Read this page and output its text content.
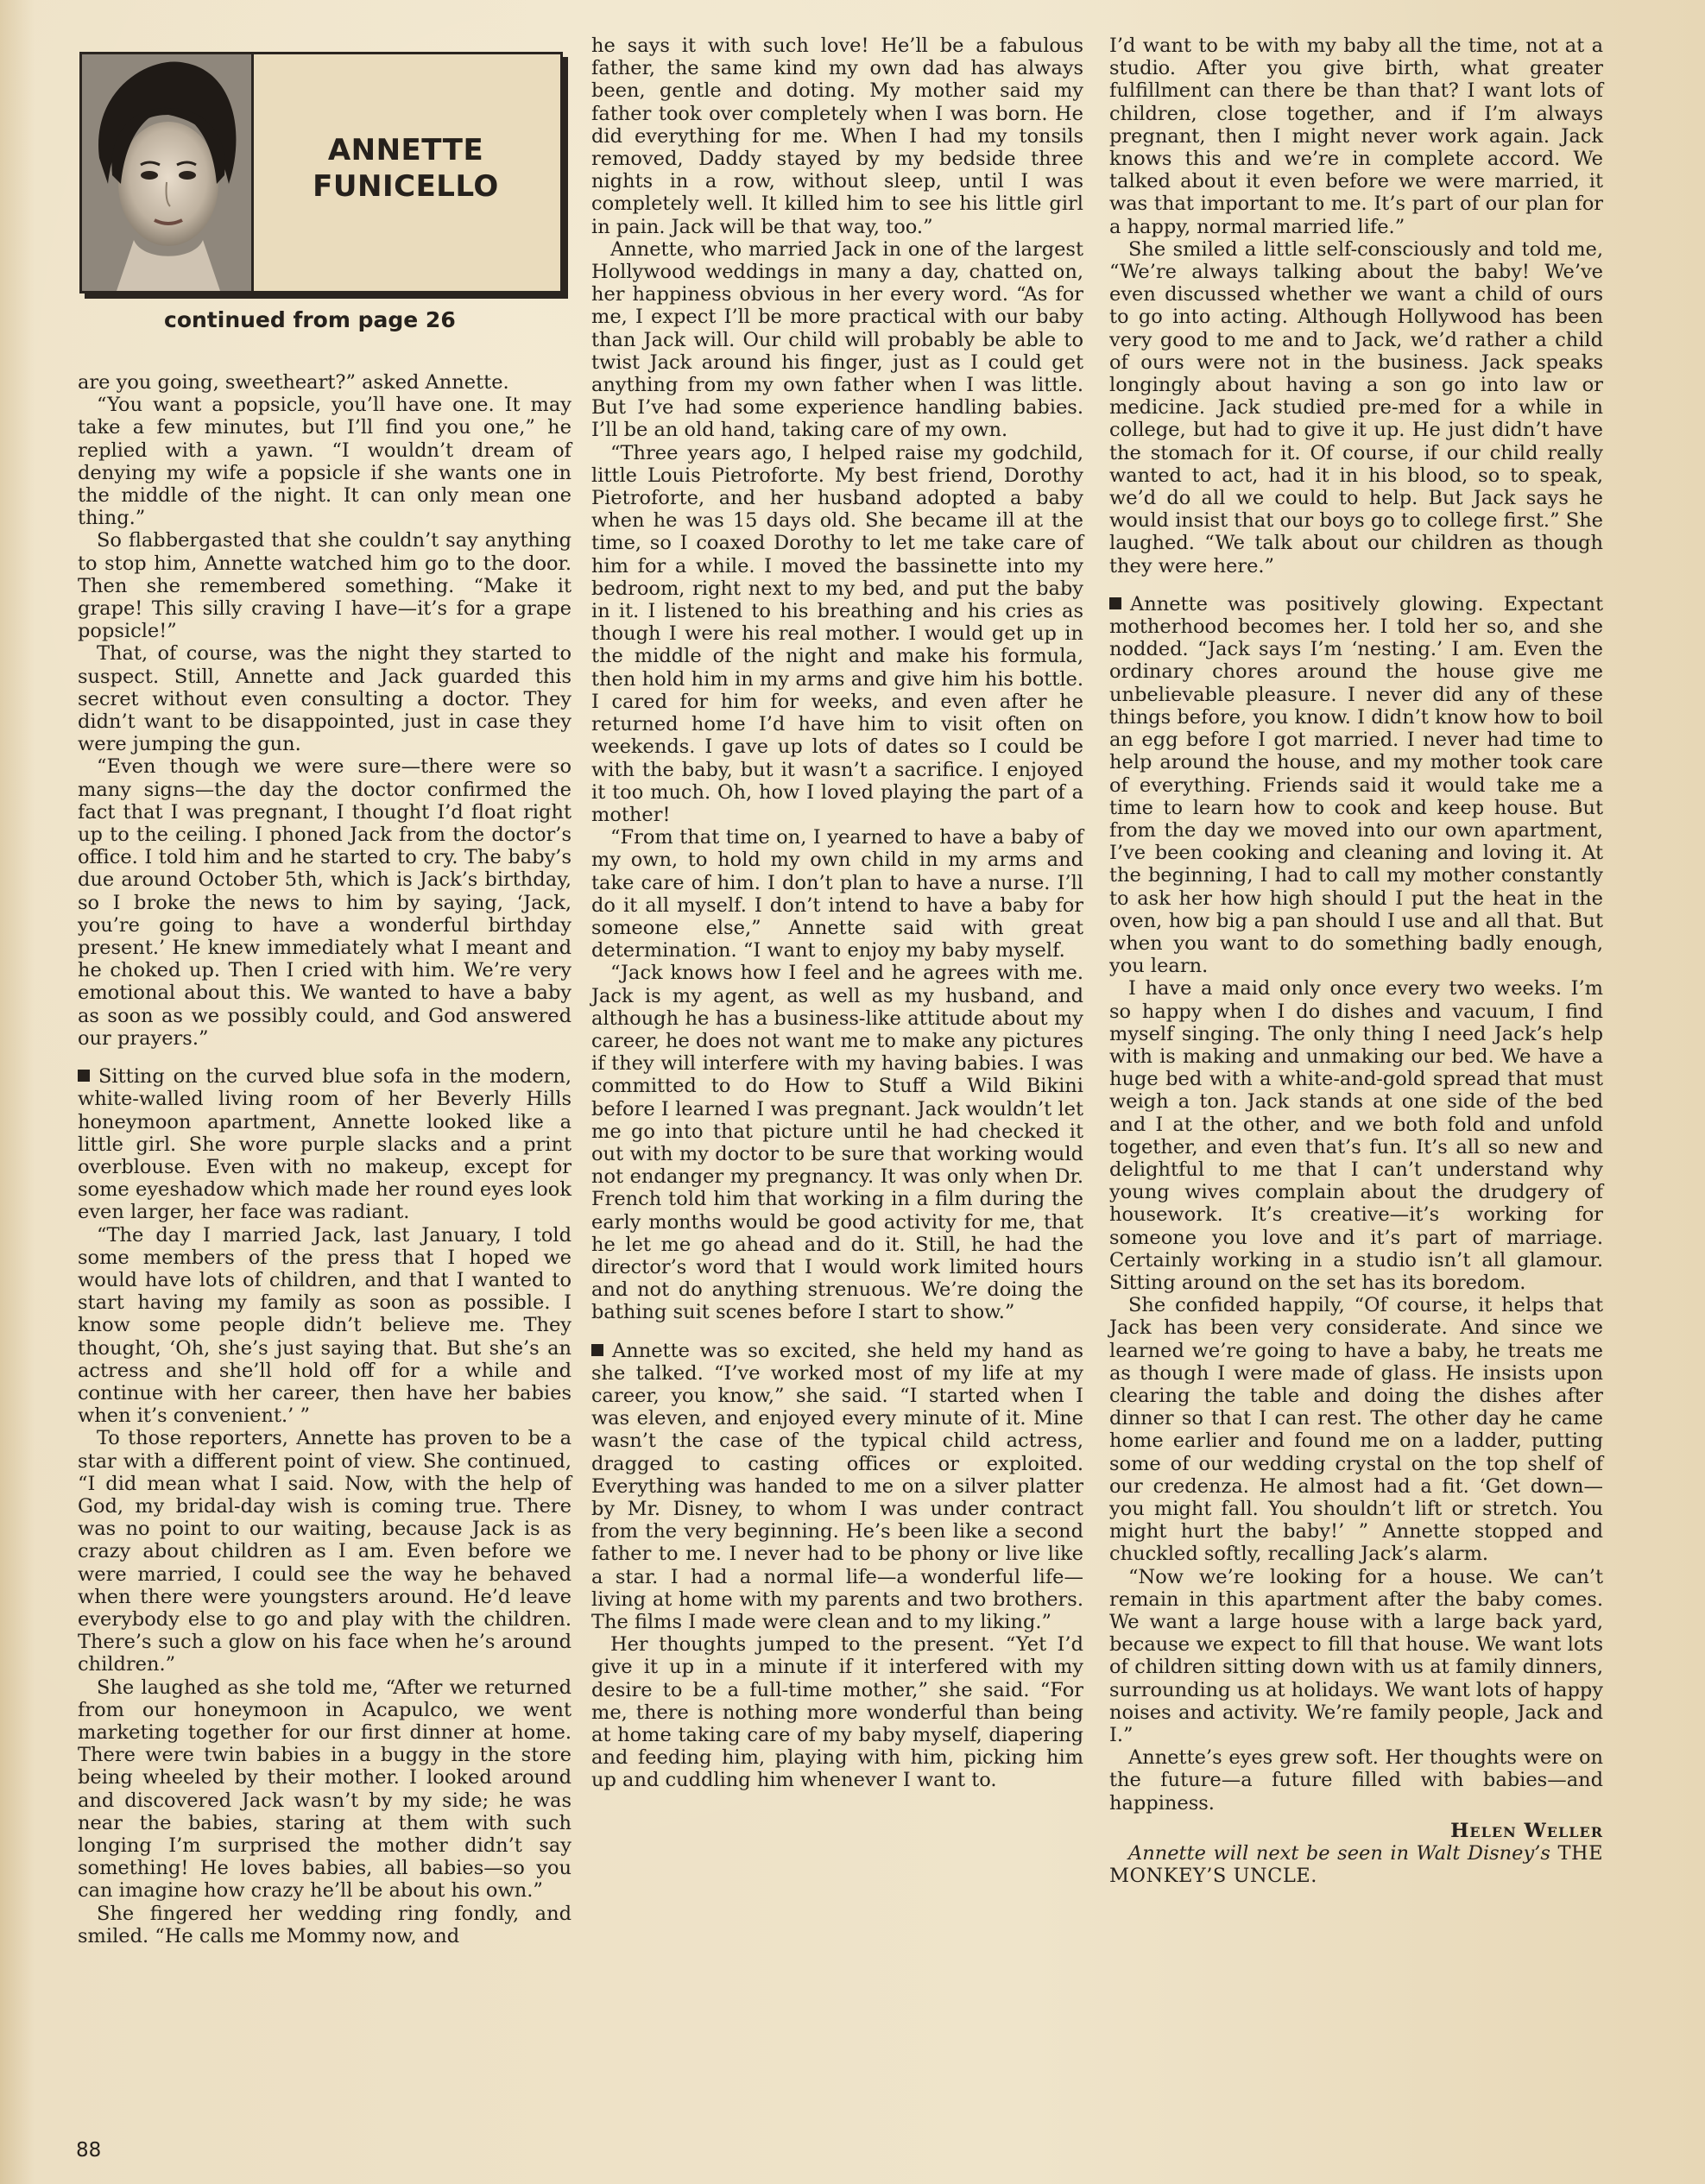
ANNETTE
FUNICELLO
continued from page 26

are you going, sweetheart?” asked Annette.

“You want a popsicle, you’ll have one. It may take a few minutes, but I’ll find you one,” he replied with a yawn. “I wouldn’t dream of denying my wife a popsicle if she wants one in the middle of the night. It can only mean one thing.”

So flabbergasted that she couldn’t say anything to stop him, Annette watched him go to the door. Then she remembered something. “Make it grape! This silly craving I have—it’s for a grape popsicle!”

That, of course, was the night they started to suspect. Still, Annette and Jack guarded this secret without even consulting a doctor. They didn’t want to be disappointed, just in case they were jumping the gun.

“Even though we were sure—there were so many signs—the day the doctor confirmed the fact that I was pregnant, I thought I’d float right up to the ceiling. I phoned Jack from the doctor’s office. I told him and he started to cry. The baby’s due around October 5th, which is Jack’s birthday, so I broke the news to him by saying, ‘Jack, you’re going to have a wonderful birthday present.’ He knew immediately what I meant and he choked up. Then I cried with him. We’re very emotional about this. We wanted to have a baby as soon as we possibly could, and God answered our prayers.”

Sitting on the curved blue sofa in the modern, white-walled living room of her Beverly Hills honeymoon apartment, Annette looked like a little girl. She wore purple slacks and a print overblouse. Even with no makeup, except for some eyeshadow which made her round eyes look even larger, her face was radiant.

“The day I married Jack, last January, I told some members of the press that I hoped we would have lots of children, and that I wanted to start having my family as soon as possible. I know some people didn’t believe me. They thought, ‘Oh, she’s just saying that. But she’s an actress and she’ll hold off for a while and continue with her career, then have her babies when it’s convenient.’ ”

To those reporters, Annette has proven to be a star with a different point of view. She continued, “I did mean what I said. Now, with the help of God, my bridal-day wish is coming true. There was no point to our waiting, because Jack is as crazy about children as I am. Even before we were married, I could see the way he behaved when there were youngsters around. He’d leave everybody else to go and play with the children. There’s such a glow on his face when he’s around children.”

She laughed as she told me, “After we returned from our honeymoon in Acapulco, we went marketing together for our first dinner at home. There were twin babies in a buggy in the store being wheeled by their mother. I looked around and discovered Jack wasn’t by my side; he was near the babies, staring at them with such longing I’m surprised the mother didn’t say something! He loves babies, all babies—so you can imagine how crazy he’ll be about his own.”

She fingered her wedding ring fondly, and smiled. “He calls me Mommy now, and

he says it with such love! He’ll be a fabulous father, the same kind my own dad has always been, gentle and doting. My mother said my father took over completely when I was born. He did everything for me. When I had my tonsils removed, Daddy stayed by my bedside three nights in a row, without sleep, until I was completely well. It killed him to see his little girl in pain. Jack will be that way, too.”

Annette, who married Jack in one of the largest Hollywood weddings in many a day, chatted on, her happiness obvious in her every word. “As for me, I expect I’ll be more practical with our baby than Jack will. Our child will probably be able to twist Jack around his finger, just as I could get anything from my own father when I was little. But I’ve had some experience handling babies. I’ll be an old hand, taking care of my own.

“Three years ago, I helped raise my godchild, little Louis Pietroforte. My best friend, Dorothy Pietroforte, and her husband adopted a baby when he was 15 days old. She became ill at the time, so I coaxed Dorothy to let me take care of him for a while. I moved the bassinette into my bedroom, right next to my bed, and put the baby in it. I listened to his breathing and his cries as though I were his real mother. I would get up in the middle of the night and make his formula, then hold him in my arms and give him his bottle. I cared for him for weeks, and even after he returned home I’d have him to visit often on weekends. I gave up lots of dates so I could be with the baby, but it wasn’t a sacrifice. I enjoyed it too much. Oh, how I loved playing the part of a mother!

“From that time on, I yearned to have a baby of my own, to hold my own child in my arms and take care of him. I don’t plan to have a nurse. I’ll do it all myself. I don’t intend to have a baby for someone else,” Annette said with great determination. “I want to enjoy my baby myself.

“Jack knows how I feel and he agrees with me. Jack is my agent, as well as my husband, and although he has a business-like attitude about my career, he does not want me to make any pictures if they will interfere with my having babies. I was committed to do How to Stuff a Wild Bikini before I learned I was pregnant. Jack wouldn’t let me go into that picture until he had checked it out with my doctor to be sure that working would not endanger my pregnancy. It was only when Dr. French told him that working in a film during the early months would be good activity for me, that he let me go ahead and do it. Still, he had the director’s word that I would work limited hours and not do anything strenuous. We’re doing the bathing suit scenes before I start to show.”

Annette was so excited, she held my hand as she talked. “I’ve worked most of my life at my career, you know,” she said. “I started when I was eleven, and enjoyed every minute of it. Mine wasn’t the case of the typical child actress, dragged to casting offices or exploited. Everything was handed to me on a silver platter by Mr. Disney, to whom I was under contract from the very beginning. He’s been like a second father to me. I never had to be phony or live like a star. I had a normal life—a wonderful life—living at home with my parents and two brothers. The films I made were clean and to my liking.”

Her thoughts jumped to the present. “Yet I’d give it up in a minute if it interfered with my desire to be a full-time mother,” she said. “For me, there is nothing more wonderful than being at home taking care of my baby myself, diapering and feeding him, playing with him, picking him up and cuddling him whenever I want to.

I’d want to be with my baby all the time, not at a studio. After you give birth, what greater fulfillment can there be than that? I want lots of children, close together, and if I’m always pregnant, then I might never work again. Jack knows this and we’re in complete accord. We talked about it even before we were married, it was that important to me. It’s part of our plan for a happy, normal married life.”

She smiled a little self-consciously and told me, “We’re always talking about the baby! We’ve even discussed whether we want a child of ours to go into acting. Although Hollywood has been very good to me and to Jack, we’d rather a child of ours were not in the business. Jack speaks longingly about having a son go into law or medicine. Jack studied pre-med for a while in college, but had to give it up. He just didn’t have the stomach for it. Of course, if our child really wanted to act, had it in his blood, so to speak, we’d do all we could to help. But Jack says he would insist that our boys go to college first.” She laughed. “We talk about our children as though they were here.”

Annette was positively glowing. Expectant motherhood becomes her. I told her so, and she nodded. “Jack says I’m ‘nesting.’ I am. Even the ordinary chores around the house give me unbelievable pleasure. I never did any of these things before, you know. I didn’t know how to boil an egg before I got married. I never had time to help around the house, and my mother took care of everything. Friends said it would take me a time to learn how to cook and keep house. But from the day we moved into our own apartment, I’ve been cooking and cleaning and loving it. At the beginning, I had to call my mother constantly to ask her how high should I put the heat in the oven, how big a pan should I use and all that. But when you want to do something badly enough, you learn.

I have a maid only once every two weeks. I’m so happy when I do dishes and vacuum, I find myself singing. The only thing I need Jack’s help with is making and unmaking our bed. We have a huge bed with a white-and-gold spread that must weigh a ton. Jack stands at one side of the bed and I at the other, and we both fold and unfold together, and even that’s fun. It’s all so new and delightful to me that I can’t understand why young wives complain about the drudgery of housework. It’s creative—it’s working for someone you love and it’s part of marriage. Certainly working in a studio isn’t all glamour. Sitting around on the set has its boredom.

She confided happily, “Of course, it helps that Jack has been very considerate. And since we learned we’re going to have a baby, he treats me as though I were made of glass. He insists upon clearing the table and doing the dishes after dinner so that I can rest. The other day he came home earlier and found me on a ladder, putting some of our wedding crystal on the top shelf of our credenza. He almost had a fit. ‘Get down—you might fall. You shouldn’t lift or stretch. You might hurt the baby!’ ” Annette stopped and chuckled softly, recalling Jack’s alarm.

“Now we’re looking for a house. We can’t remain in this apartment after the baby comes. We want a large house with a large back yard, because we expect to fill that house. We want lots of children sitting down with us at family dinners, surrounding us at holidays. We want lots of happy noises and activity. We’re family people, Jack and I.”

Annette’s eyes grew soft. Her thoughts were on the future—a future filled with babies—and happiness.

Helen Weller

Annette will next be seen in Walt Disney’s THE MONKEY’S UNCLE.

88
